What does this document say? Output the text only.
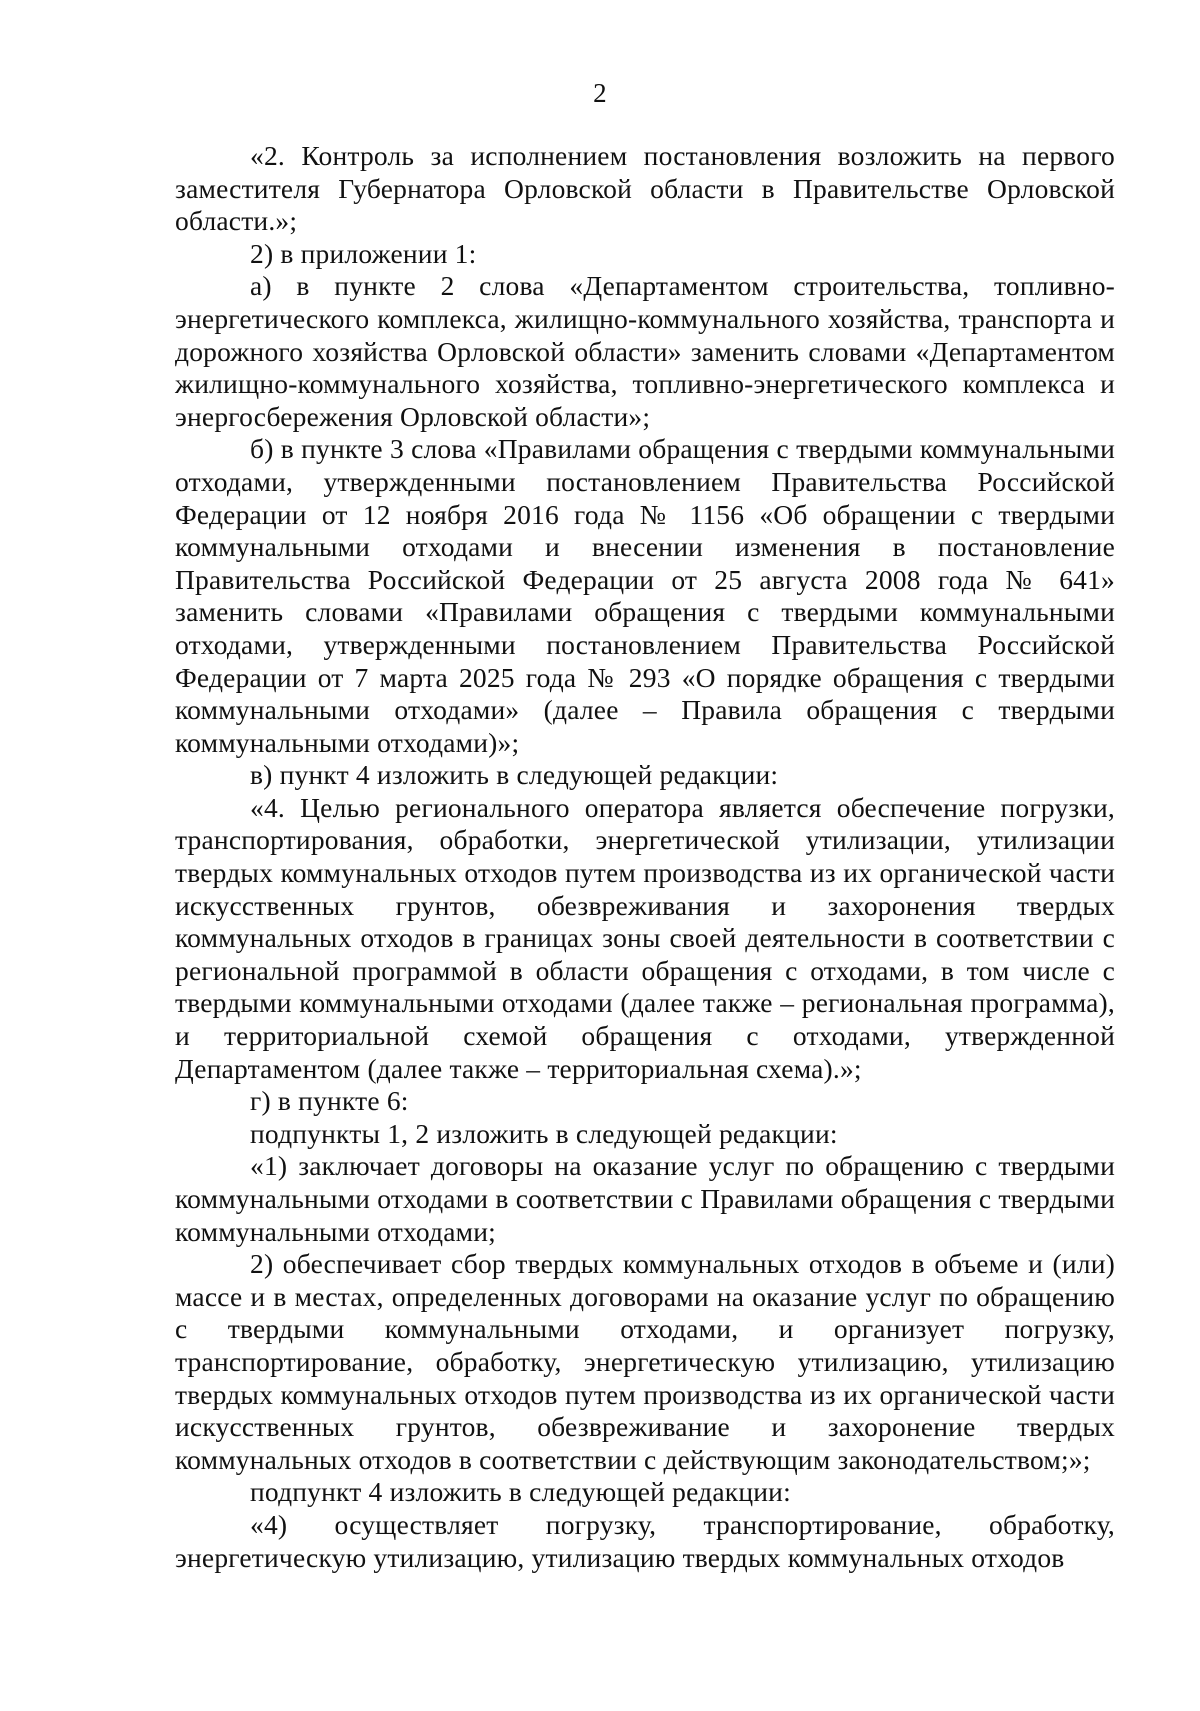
2

«2. Контроль за исполнением постановления возложить на первого заместителя Губернатора Орловской области в Правительстве Орловской области.»;

2) в приложении 1:

а) в пункте 2 слова «Департаментом строительства, топливно-энергетического комплекса, жилищно-коммунального хозяйства, транспорта и дорожного хозяйства Орловской области» заменить словами «Департаментом жилищно-коммунального хозяйства, топливно-энергетического комплекса и энергосбережения Орловской области»;

б) в пункте 3 слова «Правилами обращения с твердыми коммунальными отходами, утвержденными постановлением Правительства Российской Федерации от 12 ноября 2016 года № 1156 «Об обращении с твердыми коммунальными отходами и внесении изменения в постановление Правительства Российской Федерации от 25 августа 2008 года № 641» заменить словами «Правилами обращения с твердыми коммунальными отходами, утвержденными постановлением Правительства Российской Федерации от 7 марта 2025 года № 293 «О порядке обращения с твердыми коммунальными отходами» (далее – Правила обращения с твердыми коммунальными отходами)»;

в) пункт 4 изложить в следующей редакции:

«4. Целью регионального оператора является обеспечение погрузки, транспортирования, обработки, энергетической утилизации, утилизации твердых коммунальных отходов путем производства из их органической части искусственных грунтов, обезвреживания и захоронения твердых коммунальных отходов в границах зоны своей деятельности в соответствии с региональной программой в области обращения с отходами, в том числе с твердыми коммунальными отходами (далее также – региональная программа), и территориальной схемой обращения с отходами, утвержденной Департаментом (далее также – территориальная схема).»;

г) в пункте 6:

подпункты 1, 2 изложить в следующей редакции:

«1) заключает договоры на оказание услуг по обращению с твердыми коммунальными отходами в соответствии с Правилами обращения с твердыми коммунальными отходами;

2) обеспечивает сбор твердых коммунальных отходов в объеме и (или) массе и в местах, определенных договорами на оказание услуг по обращению с твердыми коммунальными отходами, и организует погрузку, транспортирование, обработку, энергетическую утилизацию, утилизацию твердых коммунальных отходов путем производства из их органической части искусственных грунтов, обезвреживание и захоронение твердых коммунальных отходов в соответствии с действующим законодательством;»;

подпункт 4 изложить в следующей редакции:

«4) осуществляет погрузку, транспортирование, обработку, энергетическую утилизацию, утилизацию твердых коммунальных отходов
